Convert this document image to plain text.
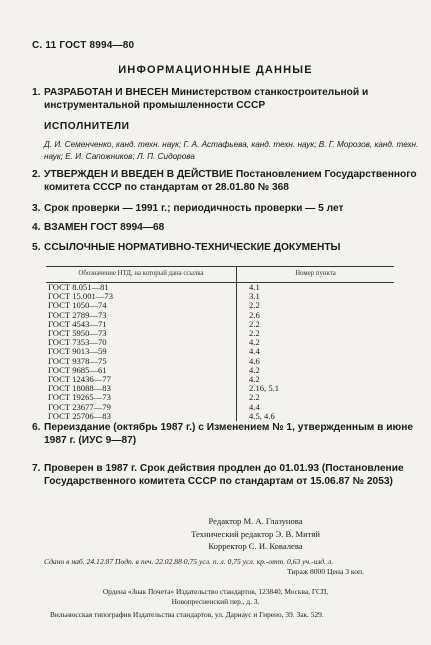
С. 11 ГОСТ 8994—80
ИНФОРМАЦИОННЫЕ ДАННЫЕ
1. РАЗРАБОТАН И ВНЕСЕН Министерством станкостроительной и инструментальной промышленности СССР
ИСПОЛНИТЕЛИ
Д. И. Семенченко, канд. техн. наук; Г. А. Астафьева, канд. техн. наук; В. Г. Морозов, канд. техн. наук; Е. И. Сапожников; Л. П. Сидорова
2. УТВЕРЖДЕН И ВВЕДЕН В ДЕЙСТВИЕ Постановлением Государственного комитета СССР по стандартам от 28.01.80 № 368
3. Срок проверки — 1991 г.; периодичность проверки — 5 лет
4. ВЗАМЕН ГОСТ 8994—68
5. ССЫЛОЧНЫЕ НОРМАТИВНО-ТЕХНИЧЕСКИЕ ДОКУМЕНТЫ
Обозначение НТД, на который дана ссылка	Номер пункта
ГОСТ 8.051—81	4.1
ГОСТ 15.001—73	3.1
ГОСТ 1050—74	2.2
ГОСТ 2789—73	2.6
ГОСТ 4543—71	2.2
ГОСТ 5950—73	2.2
ГОСТ 7353—70	4.2
ГОСТ 9013—59	4.4
ГОСТ 9378—75	4.6
ГОСТ 9685—61	4.2
ГОСТ 12436—77	4.2
ГОСТ 18088—83	2.16, 5.1
ГОСТ 19265—73	2.2
ГОСТ 23677—79	4.4
ГОСТ 25706—83	4.5, 4.6
6. Переиздание (октябрь 1987 г.) с Изменением № 1, утвержденным в июне 1987 г. (ИУС 9—87)
7. Проверен в 1987 г. Срок действия продлен до 01.01.93 (Постановление Государственного комитета СССР по стандартам от 15.06.87 № 2053)
Редактор М. А. Глазунова
Технический редактор Э. В. Митяй
Корректор С. И. Ковалева
Сдано в наб. 24.12.87 Подп. в печ. 22.02.88 0,75 усл. п. л. 0,75 усл. кр.-отт. 0,63 уч.-изд. л.
Тираж 8000 Цена 3 коп.
Ордена «Знак Почета» Издательство стандартов, 123840, Москва, ГСП,
Новопресненский пер., д. 3.
Вильнюсская типография Издательства стандартов, ул. Дариаус и Гирено, 39. Зак. 529.
